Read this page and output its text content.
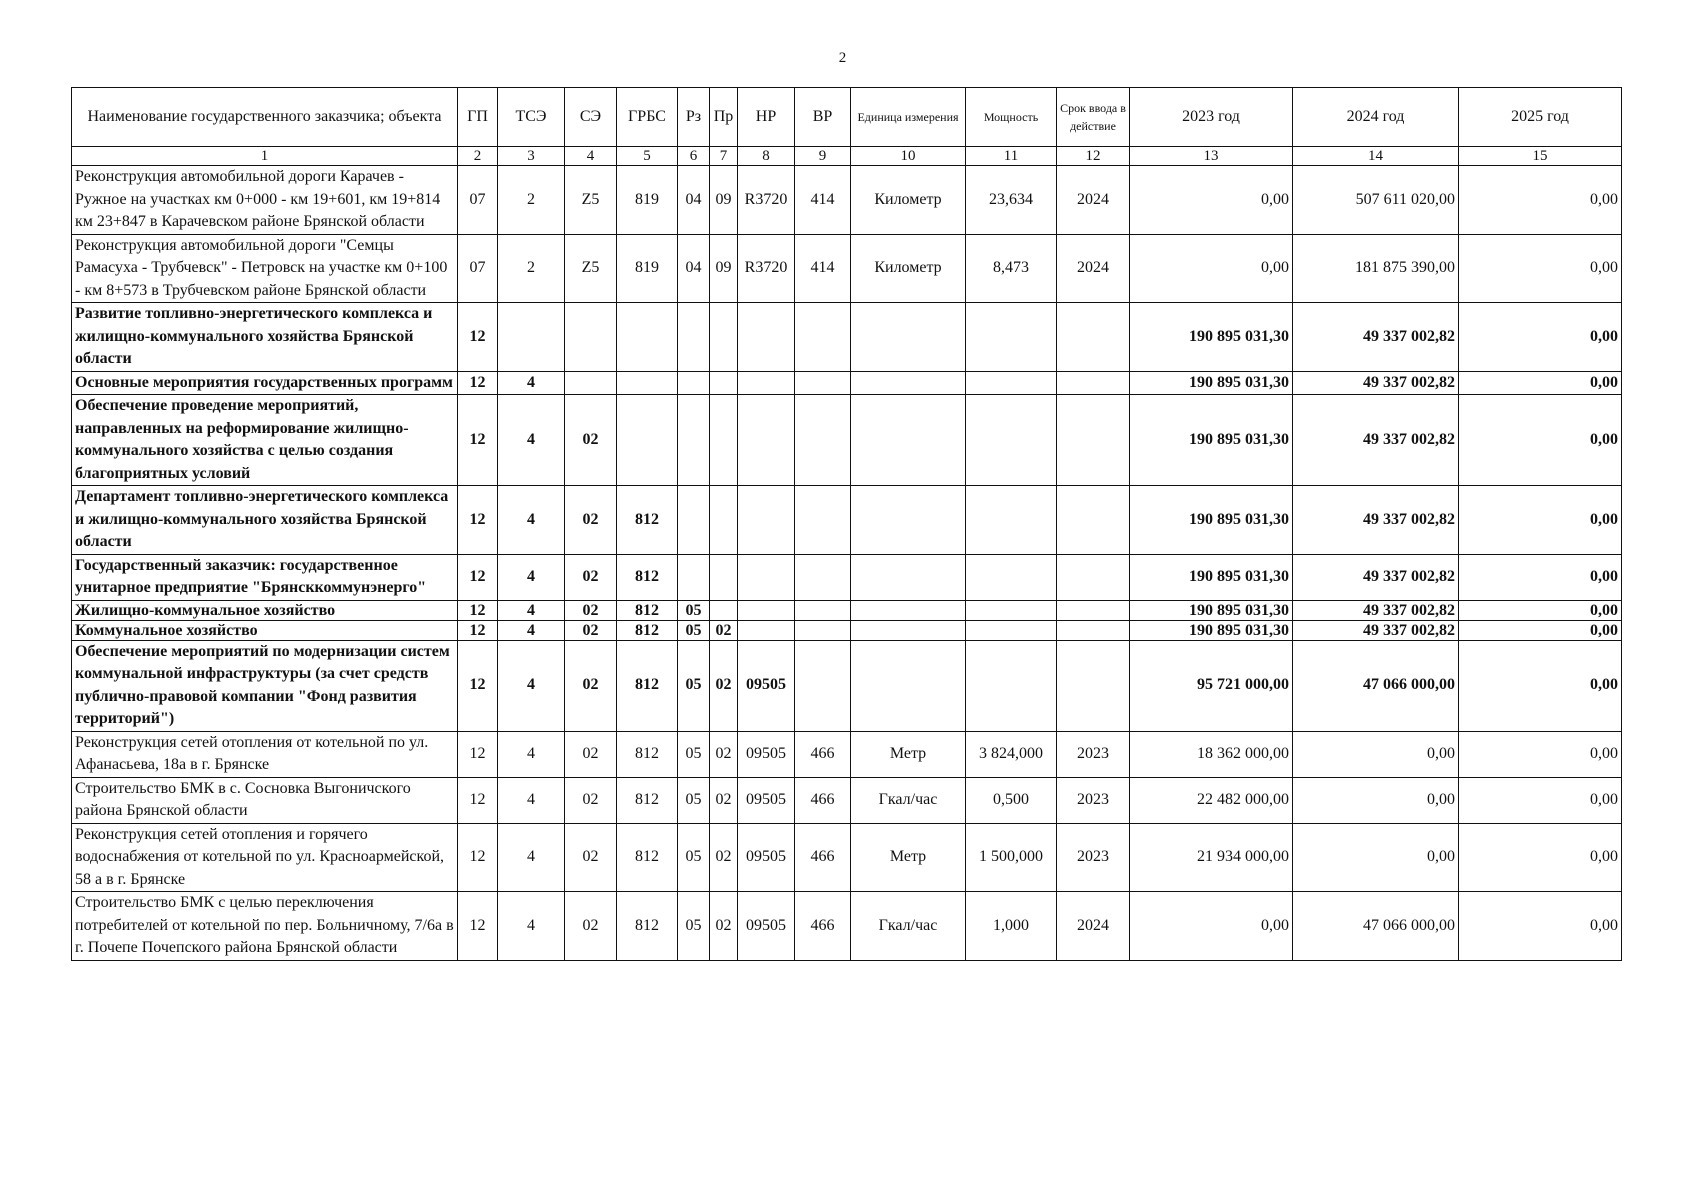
2
Наименование государственного заказчика; объекта	ГП	ТСЭ	СЭ	ГРБС	Рз	Пр	НР	ВР	Единица измерения	Мощность	Срок ввода в действие	2023 год	2024 год	2025 год
1	2	3	4	5	6	7	8	9	10	11	12	13	14	15
Реконструкция автомобильной дороги Карачев - Ружное на участках км 0+000 - км 19+601, км 19+814 км 23+847 в Карачевском районе Брянской области	07	2	Z5	819	04	09	R3720	414	Километр	23,634	2024	0,00	507 611 020,00	0,00
Реконструкция автомобильной дороги "Семцы Рамасуха - Трубчевск" - Петровск на участке км 0+100 - км 8+573 в Трубчевском районе Брянской области	07	2	Z5	819	04	09	R3720	414	Километр	8,473	2024	0,00	181 875 390,00	0,00
Развитие топливно-энергетического комплекса и жилищно-коммунального хозяйства Брянской области	12											190 895 031,30	49 337 002,82	0,00
Основные мероприятия государственных программ	12	4										190 895 031,30	49 337 002,82	0,00
Обеспечение проведение мероприятий, направленных на реформирование жилищно-коммунального хозяйства с целью создания благоприятных условий	12	4	02									190 895 031,30	49 337 002,82	0,00
Департамент топливно-энергетического комплекса и жилищно-коммунального хозяйства Брянской области	12	4	02	812								190 895 031,30	49 337 002,82	0,00
Государственный заказчик: государственное унитарное предприятие "Брянсккоммунэнерго"	12	4	02	812								190 895 031,30	49 337 002,82	0,00
Жилищно-коммунальное хозяйство	12	4	02	812	05							190 895 031,30	49 337 002,82	0,00
Коммунальное хозяйство	12	4	02	812	05	02						190 895 031,30	49 337 002,82	0,00
Обеспечение мероприятий по модернизации систем коммунальной инфраструктуры (за счет средств публично-правовой компании "Фонд развития территорий")	12	4	02	812	05	02	09505					95 721 000,00	47 066 000,00	0,00
Реконструкция сетей отопления от котельной по ул. Афанасьева, 18а в г. Брянске	12	4	02	812	05	02	09505	466	Метр	3 824,000	2023	18 362 000,00	0,00	0,00
Строительство БМК в с. Сосновка Выгоничского района Брянской области	12	4	02	812	05	02	09505	466	Гкал/час	0,500	2023	22 482 000,00	0,00	0,00
Реконструкция сетей отопления и горячего водоснабжения от котельной по ул. Красноармейской, 58 а в г. Брянске	12	4	02	812	05	02	09505	466	Метр	1 500,000	2023	21 934 000,00	0,00	0,00
Строительство БМК с целью переключения потребителей от котельной по пер. Больничному, 7/6а в г. Почепе Почепского района Брянской области	12	4	02	812	05	02	09505	466	Гкал/час	1,000	2024	0,00	47 066 000,00	0,00
